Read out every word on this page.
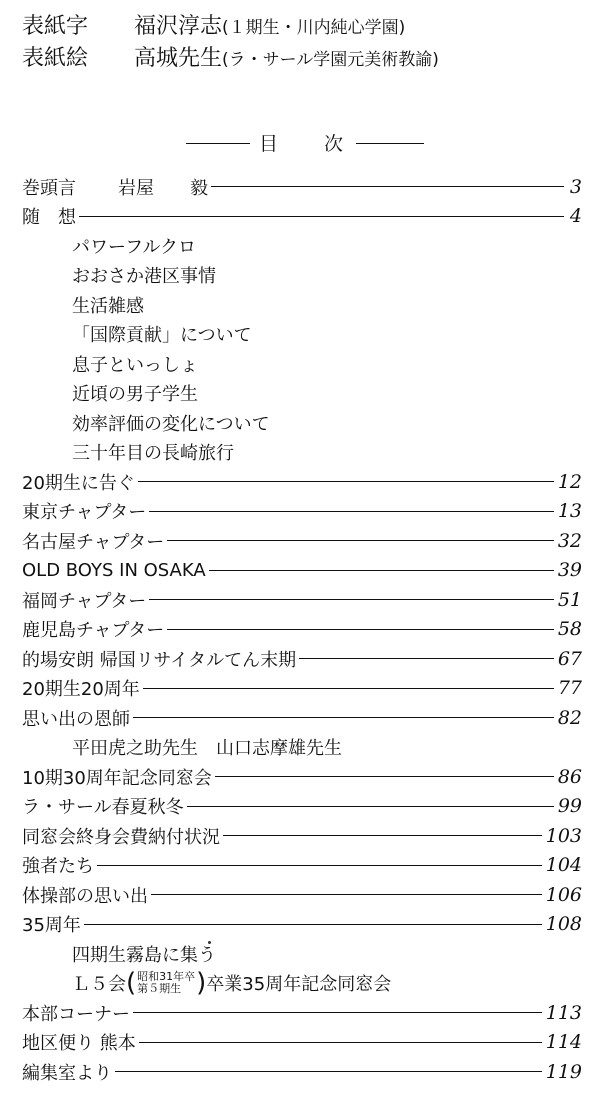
表紙字 福沢淳志(１期生・川内純心学園)
表紙絵 高城先生(ラ・サール学園元美術教諭)
目 次
巻頭言 岩屋　　毅	3
随　想	4
パワーフルクロ
おおさか港区事情
生活雑感
「国際貢献」について
息子といっしょ
近頃の男子学生
効率評価の変化について
三十年目の長崎旅行
20期生に告ぐ	12
東京チャプター	13
名古屋チャプター	32
OLD BOYS IN OSAKA	39
福岡チャプター	51
鹿児島チャプター	58
的場安朗 帰国リサイタルてん末期	67
20期生20周年	77
思い出の恩師	82
平田虎之助先生　山口志摩雄先生
10期30周年記念同窓会	86
ラ・サール春夏秋冬	99
同窓会終身会費納付状況	103
強者たち	104
体操部の思い出	106
35周年	108
四期生霧島に集う
Ｌ５会 ( 昭和31年卒
第５期生 ) 卒業35周年記念同窓会
本部コーナー	113
地区便り 熊本	114
編集室より	119
